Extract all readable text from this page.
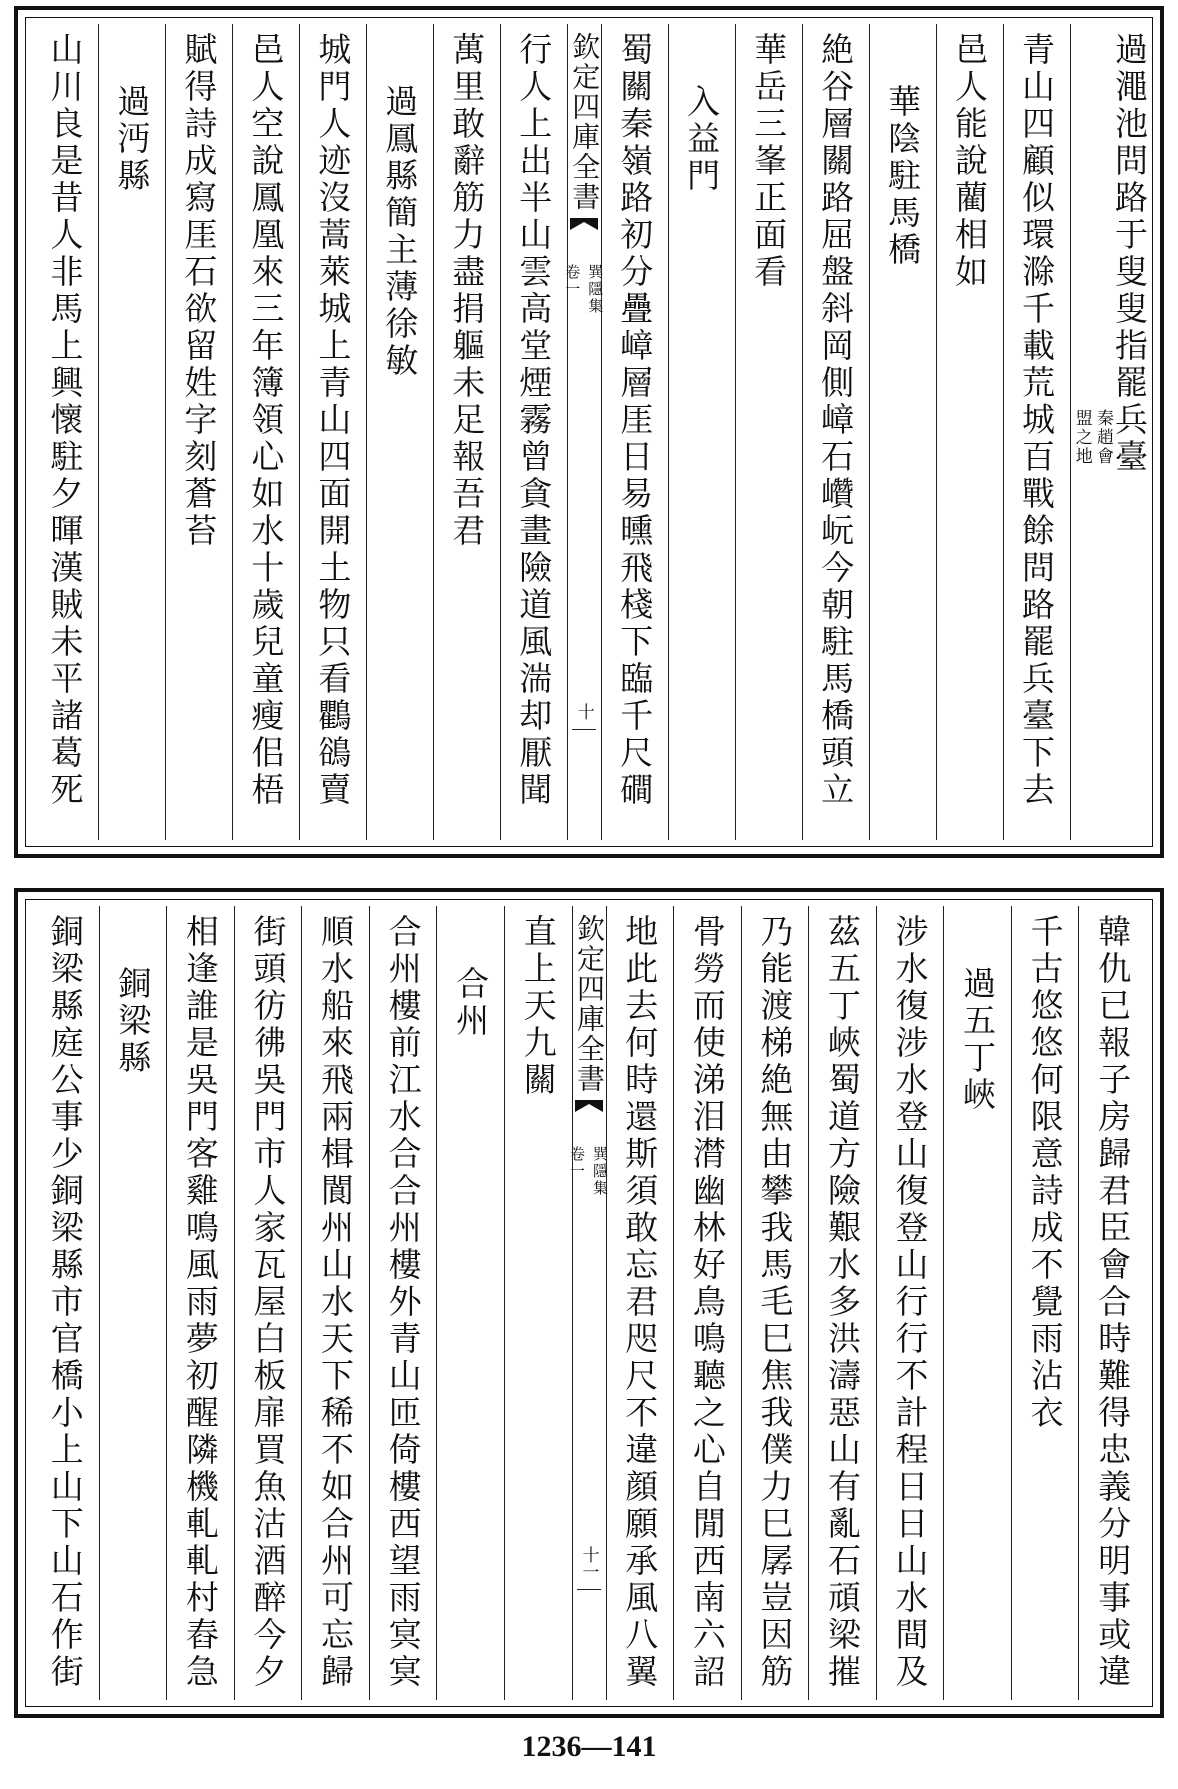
過澠池問路于叟叟指罷兵臺
秦趙會
盟之地
青山四顧似環滁千載荒城百戰餘問路罷兵臺下去
邑人能說藺相如
華陰駐馬橋
絶谷層關路屈盤斜岡側嶂石巑岏今朝駐馬橋頭立
華岳三峯正面看
入益門
蜀關秦嶺路初分疊嶂層厓日易曛飛棧下臨千尺磵
欽定四庫全書
巽隱集
卷一
十
行人上出半山雲高堂煙霧曾貪畫險道風湍却厭聞
萬里敢辭筋力盡捐軀未足報吾君
過鳳縣簡主薄徐敏
城門人迹沒蒿萊城上青山四面開土物只看鸜鵒賣
邑人空說鳳凰來三年簿領心如水十歲兒童瘦佀梧
賦得詩成寫厓石欲留姓字刻蒼苔
過沔縣
山川良是昔人非馬上興懷駐夕暉漢賊未平諸葛死
韓仇已報子房歸君臣會合時難得忠義分明事或違
千古悠悠何限意詩成不覺雨沾衣
過五丁峽
涉水復涉水登山復登山行行不計程日日山水間及
茲五丁峽蜀道方險艱水多洪濤惡山有亂石頑梁摧
乃能渡梯絶無由攀我馬毛巳焦我僕力巳孱豈因筋
骨勞而使涕泪潸幽林好鳥鳴聽之心自閒西南六詔
地此去何時還斯須敢忘君咫尺不違顔願承風八翼
欽定四庫全書
巽隱集
卷一
十一
直上天九關
合州
合州樓前江水合合州樓外青山匝倚樓西望雨㝠㝠
順水船來飛兩楫閬州山水天下稀不如合州可忘歸
街頭彷彿吳門市人家瓦屋白板扉買魚沽酒醉今夕
相逢誰是吳門客雞鳴風雨夢初醒隣機軋軋村舂急
銅梁縣
銅梁縣庭公事少銅梁縣市官橋小上山下山石作街
1236—141
